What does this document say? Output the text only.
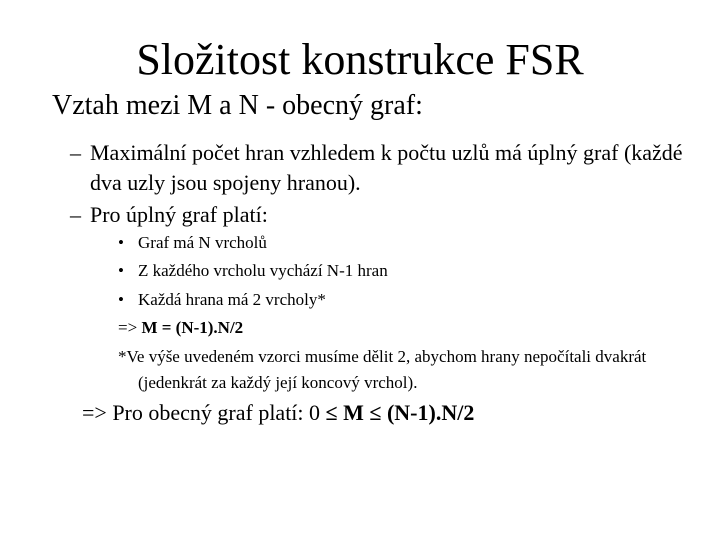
Složitost konstrukce FSR
Vztah mezi M a N - obecný graf:
– Maximální počet hran vzhledem k počtu uzlů má úplný graf (každé dva uzly jsou spojeny hranou).
– Pro úplný graf platí:
• Graf má N vrcholů
• Z každého vrcholu vychází N-1 hran
• Každá hrana má 2 vrcholy*
=> M = (N-1).N/2
*Ve výše uvedeném vzorci musíme dělit 2, abychom hrany nepočítali dvakrát (jedenkrát za každý její koncový vrchol).
=> Pro obecný graf platí: 0 ≤ M ≤ (N-1).N/2
